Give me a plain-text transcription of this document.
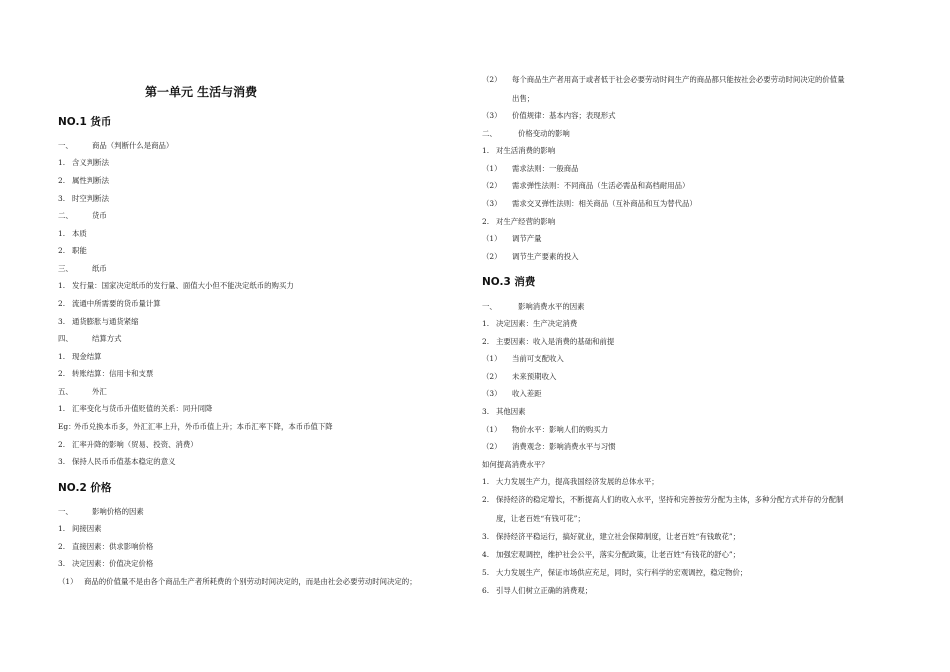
第一单元 生活与消费
NO.1 货币
一、	商品（判断什么是商品）
1. 含义判断法
2. 属性判断法
3. 时空判断法
二、	货币
1. 本质
2. 职能
三、	纸币
1. 发行量：国家决定纸币的发行量、面值大小但不能决定纸币的购买力
2. 流通中所需要的货币量计算
3. 通货膨胀与通货紧缩
四、	结算方式
1. 现金结算
2. 转账结算：信用卡和支票
五、	外汇
1. 汇率变化与货币升值贬值的关系：同升同降
Eg：外币兑换本币多，外汇汇率上升，外币币值上升；本币汇率下降，本币币值下降
2. 汇率升降的影响（贸易、投资、消费）
3. 保持人民币币值基本稳定的意义
NO.2 价格
一、	影响价格的因素
1. 间接因素
2. 直接因素：供求影响价格
3. 决定因素：价值决定价格
（1） 商品的价值量不是由各个商品生产者所耗费的个别劳动时间决定的，而是由社会必要劳动时间决定的；
（2） 每个商品生产者用高于或者低于社会必要劳动时间生产的商品都只能按社会必要劳动时间决定的价值量
出售；
（3） 价值规律：基本内容；表现形式
二、	价格变动的影响
1. 对生活消费的影响
（1） 需求法则：一般商品
（2） 需求弹性法则：不同商品（生活必需品和高档耐用品）
（3） 需求交叉弹性法则：相关商品（互补商品和互为替代品）
2. 对生产经营的影响
（1） 调节产量
（2） 调节生产要素的投入
NO.3 消费
一、	影响消费水平的因素
1. 决定因素：生产决定消费
2. 主要因素：收入是消费的基础和前提
（1） 当前可支配收入
（2） 未来预期收入
（3） 收入差距
3. 其他因素
（1） 物价水平：影响人们的购买力
（2） 消费观念：影响消费水平与习惯
如何提高消费水平？
1. 大力发展生产力，提高我国经济发展的总体水平；
2. 保持经济的稳定增长，不断提高人们的收入水平，坚持和完善按劳分配为主体，多种分配方式并存的分配制
度，让老百姓“有钱可花”；
3. 保持经济平稳运行，搞好就业，建立社会保障制度，让老百姓“有钱敢花”；
4. 加强宏观调控，维护社会公平，落实分配政策，让老百姓“有钱花的舒心”；
5. 大力发展生产，保证市场供应充足，同时，实行科学的宏观调控，稳定物价；
6. 引导人们树立正确的消费观；
